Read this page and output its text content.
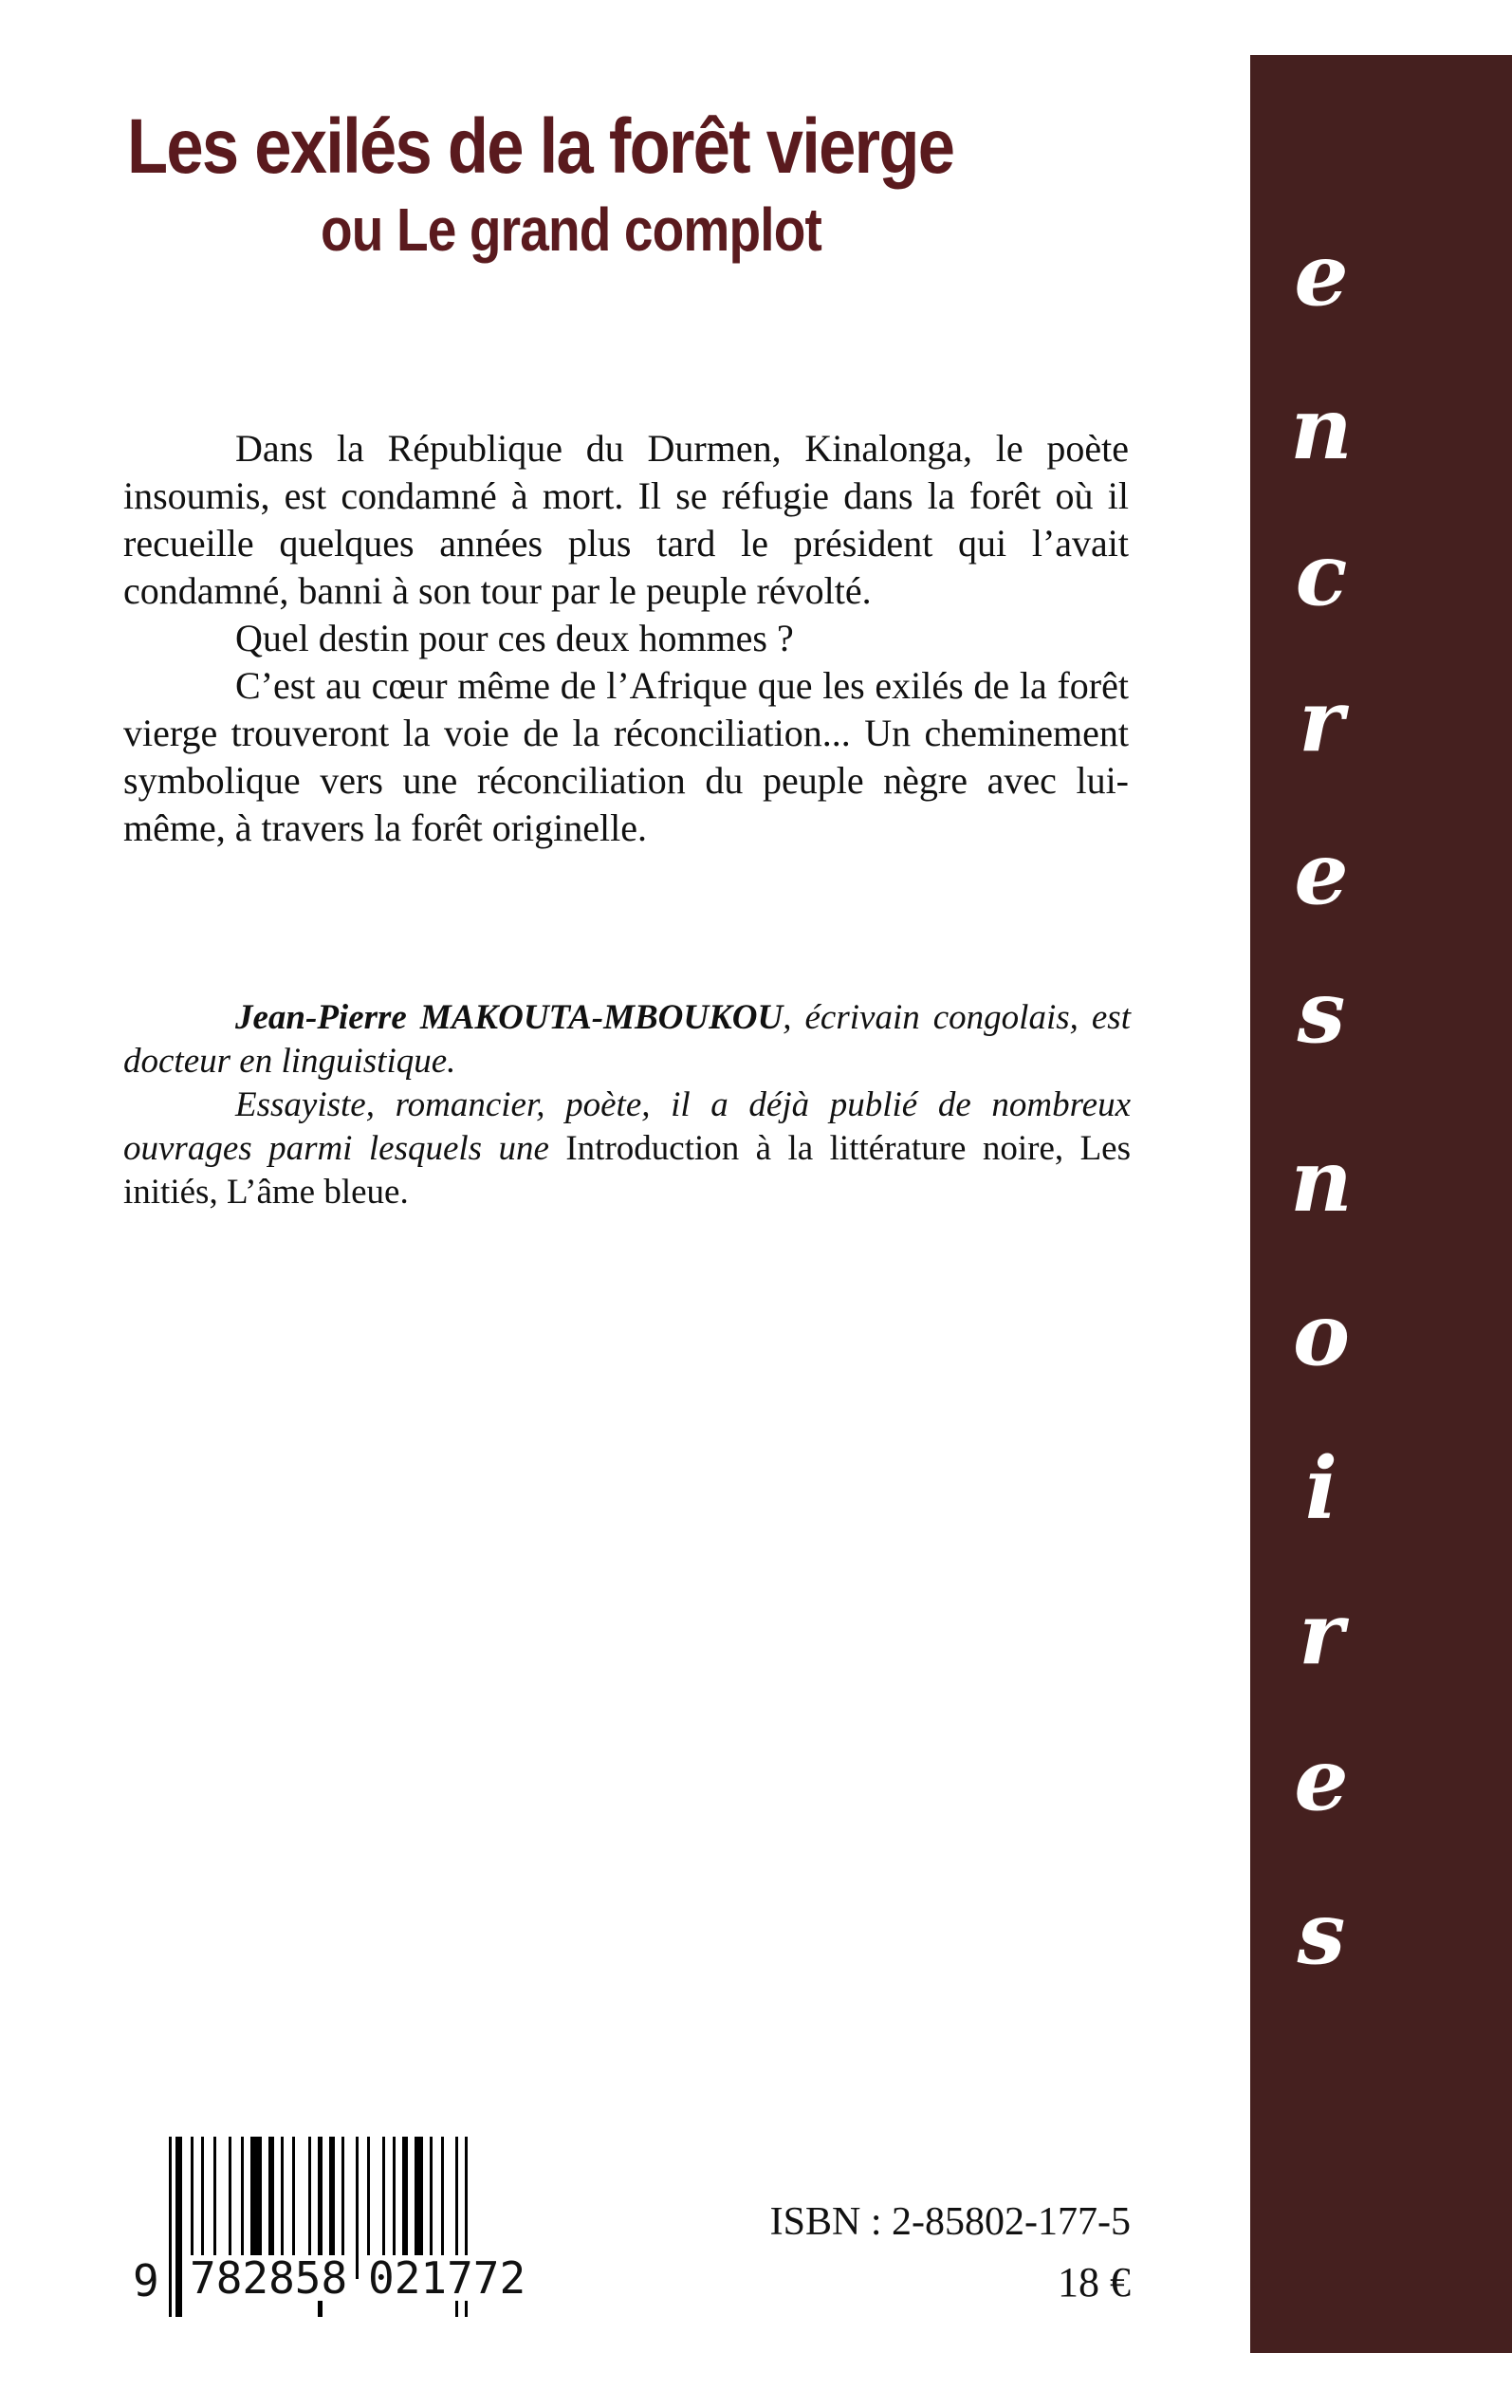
Les exilés de la forêt vierge
ou Le grand complot

Dans la République du Durmen, Kinalonga, le poète insoumis, est condamné à mort. Il se réfugie dans la forêt où il recueille quelques années plus tard le président qui l’avait condamné, banni à son tour par le peuple révolté.

Quel destin pour ces deux hommes ?

C’est au cœur même de l’Afrique que les exilés de la forêt vierge trouveront la voie de la réconciliation... Un cheminement symbolique vers une réconciliation du peuple nègre avec lui-même, à travers la forêt originelle.

Jean-Pierre MAKOUTA-MBOUKOU, écrivain congolais, est docteur en linguistique.

Essayiste, romancier, poète, il a déjà publié de nombreux ouvrages parmi lesquels une Introduction à la littérature noire, Les initiés, L’âme bleue.

e
n
c
r
e
s
n
o
i
r
e
s
9 782858 021772
ISBN : 2-85802-177-5
18 €
